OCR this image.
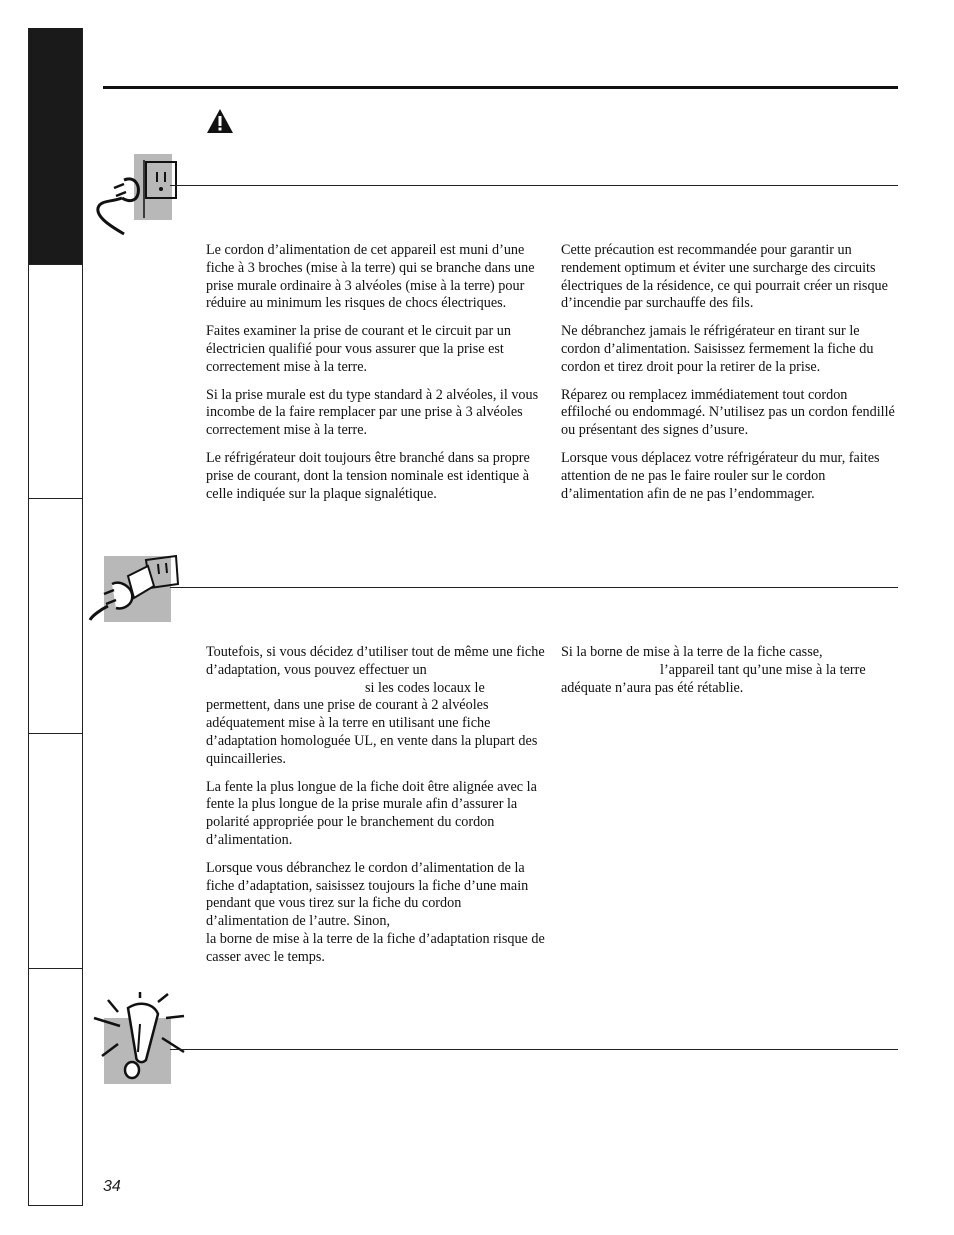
Le cordon d’alimentation de cet appareil est muni d’une fiche à 3 broches (mise à la terre) qui se branche dans une prise murale ordinaire à 3 alvéoles (mise à la terre) pour réduire au minimum les risques de chocs électriques.

Faites examiner la prise de courant et le circuit par un électricien qualifié pour vous assurer que la prise est correctement mise à la terre.

Si la prise murale est du type standard à 2 alvéoles, il vous incombe de la faire remplacer par une prise à 3 alvéoles correctement mise à la terre.

Le réfrigérateur doit toujours être branché dans sa propre prise de courant, dont la tension nominale est identique à celle indiquée sur la plaque signalétique.

Cette précaution est recommandée pour garantir un rendement optimum et éviter une surcharge des circuits électriques de la résidence, ce qui pourrait créer un risque d’incendie par surchauffe des fils.

Ne débranchez jamais le réfrigérateur en tirant sur le cordon d’alimentation. Saisissez fermement la fiche du cordon et tirez droit pour la retirer de la prise.

Réparez ou remplacez immédiatement tout cordon effiloché ou endommagé. N’utilisez pas un cordon fendillé ou présentant des signes d’usure.

Lorsque vous déplacez votre réfrigérateur du mur, faites attention de ne pas le faire rouler sur le cordon d’alimentation afin de ne pas l’endommager.

Toutefois, si vous décidez d’utiliser tout de même une fiche d’adaptation, vous pouvez effectuer un
si les codes locaux le
permettent, dans une prise de courant à 2 alvéoles adéquatement mise à la terre en utilisant une fiche d’adaptation homologuée UL, en vente dans la plupart des quincailleries.

La fente la plus longue de la fiche doit être alignée avec la fente la plus longue de la prise murale afin d’assurer la polarité appropriée pour le branchement du cordon d’alimentation.

Lorsque vous débranchez le cordon d’alimentation de la fiche d’adaptation, saisissez toujours la fiche d’une main pendant que vous tirez sur la fiche du cordon d’alimentation de l’autre. Sinon,
la borne de mise à la terre de la fiche d’adaptation risque de casser avec le temps.

Si la borne de mise à la terre de la fiche casse,
l’appareil tant qu’une mise à la terre adéquate n’aura pas été rétablie.

34
